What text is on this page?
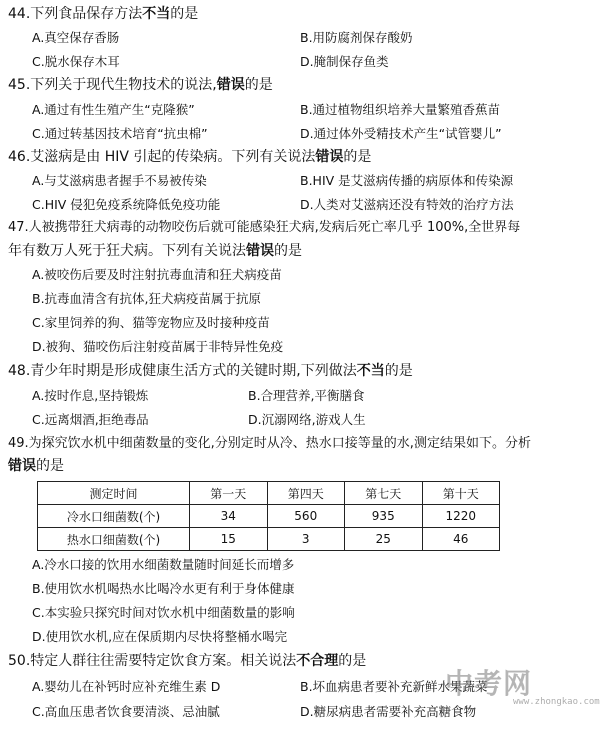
44.下列食品保存方法不当的是
A.真空保存香肠	B.用防腐剂保存酸奶
C.脱水保存木耳	D.腌制保存鱼类
45.下列关于现代生物技术的说法,错误的是
A.通过有性生殖产生“克隆猴”	B.通过植物组织培养大量繁殖香蕉苗
C.通过转基因技术培育“抗虫棉”	D.通过体外受精技术产生“试管婴儿”
46.艾滋病是由 HIV 引起的传染病。下列有关说法错误的是
A.与艾滋病患者握手不易被传染	B.HIV 是艾滋病传播的病原体和传染源
C.HIV 侵犯免疫系统降低免疫功能	D.人类对艾滋病还没有特效的治疗方法
47.人被携带狂犬病毒的动物咬伤后就可能感染狂犬病,发病后死亡率几乎 100%,全世界每
年有数万人死于狂犬病。下列有关说法错误的是
A.被咬伤后要及时注射抗毒血清和狂犬病疫苗
B.抗毒血清含有抗体,狂犬病疫苗属于抗原
C.家里饲养的狗、猫等宠物应及时接种疫苗
D.被狗、猫咬伤后注射疫苗属于非特异性免疫
48.青少年时期是形成健康生活方式的关键时期,下列做法不当的是
A.按时作息,坚持锻炼	B.合理营养,平衡膳食
C.远离烟酒,拒绝毒品	D.沉溺网络,游戏人生
49.为探究饮水机中细菌数量的变化,分别定时从冷、热水口接等量的水,测定结果如下。分析
错误的是
测定时间	第一天	第四天	第七天	第十天
冷水口细菌数(个)	34	560	935	1220
热水口细菌数(个)	15	3	25	46
A.冷水口接的饮用水细菌数量随时间延长而增多
B.使用饮水机喝热水比喝冷水更有利于身体健康
C.本实验只探究时间对饮水机中细菌数量的影响
D.使用饮水机,应在保质期内尽快将整桶水喝完
50.特定人群往往需要特定饮食方案。相关说法不合理的是
A.婴幼儿在补钙时应补充维生素 D	B.坏血病患者要补充新鲜水果蔬菜
C.高血压患者饮食要清淡、忌油腻	D.糖尿病患者需要补充高糖食物
中考网
www.zhongkao.com
